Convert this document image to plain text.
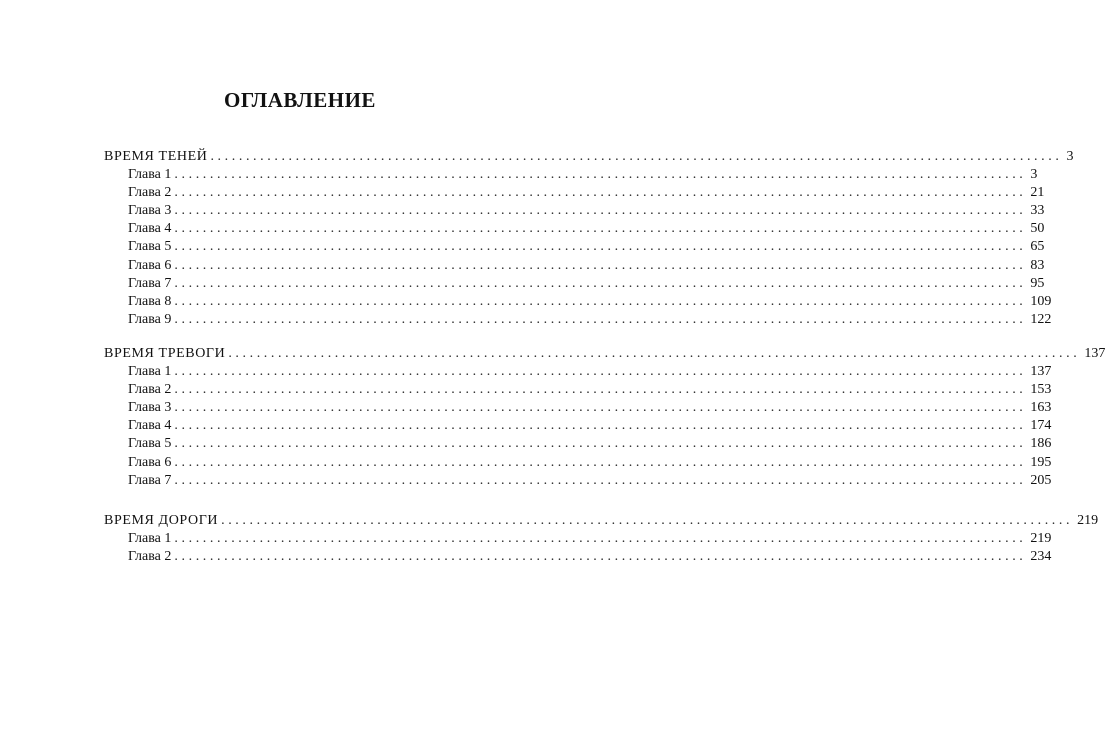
ОГЛАВЛЕНИЕ
ВРЕМЯ ТЕНЕЙ ........................................................................................................................ 3
Глава 1 ........................................................................................................................ 3
Глава 2 ........................................................................................................................ 21
Глава 3 ........................................................................................................................ 33
Глава 4 ........................................................................................................................ 50
Глава 5 ........................................................................................................................ 65
Глава 6 ........................................................................................................................ 83
Глава 7 ........................................................................................................................ 95
Глава 8 ........................................................................................................................ 109
Глава 9 ........................................................................................................................ 122
ВРЕМЯ ТРЕВОГИ ........................................................................................................................ 137
Глава 1 ........................................................................................................................ 137
Глава 2 ........................................................................................................................ 153
Глава 3 ........................................................................................................................ 163
Глава 4 ........................................................................................................................ 174
Глава 5 ........................................................................................................................ 186
Глава 6 ........................................................................................................................ 195
Глава 7 ........................................................................................................................ 205
ВРЕМЯ ДОРОГИ ........................................................................................................................ 219
Глава 1 ........................................................................................................................ 219
Глава 2 ........................................................................................................................ 234
